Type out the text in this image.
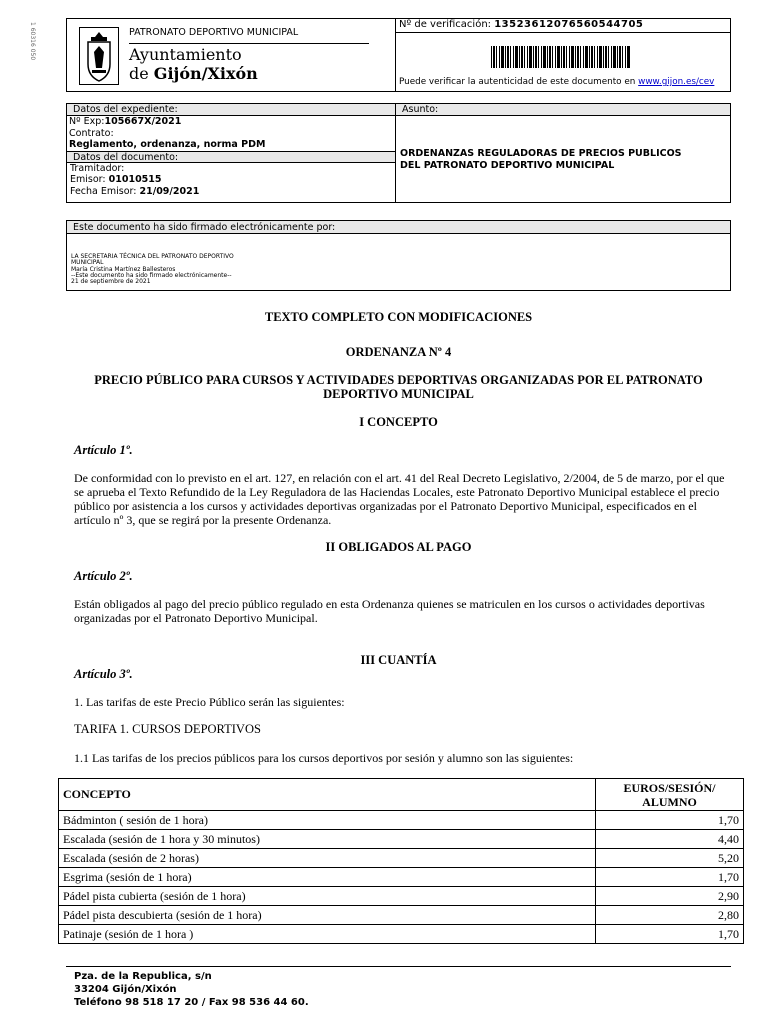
1 60316 050	PATRONATO DEPORTIVO MUNICIPAL
Ayuntamiento
de Gijón/Xixón
Nº de verificación: 13523612076560544705
Puede verificar la autenticidad de este documento en www.gijon.es/cev
Datos del expediente:
Nº Exp:105667X/2021
Contrato:
Reglamento, ordenanza, norma PDM
Datos del documento:
Tramitador:
Emisor: 01010515
Fecha Emisor: 21/09/2021
Asunto:
ORDENANZAS REGULADORAS DE PRECIOS PUBLICOS
DEL PATRONATO DEPORTIVO MUNICIPAL
Este documento ha sido firmado electrónicamente por:
LA SECRETARIA TÉCNICA DEL PATRONATO DEPORTIVO
MUNICIPAL
María Cristina Martínez Ballesteros
--Este documento ha sido firmado electrónicamente--
21 de septiembre de 2021
TEXTO COMPLETO CON MODIFICACIONES
ORDENANZA Nº 4
PRECIO PÚBLICO PARA CURSOS Y ACTIVIDADES DEPORTIVAS ORGANIZADAS POR EL PATRONATO
DEPORTIVO MUNICIPAL
I CONCEPTO
Artículo 1º.
De conformidad con lo previsto en el art. 127, en relación con el art. 41 del Real Decreto Legislativo, 2/2004, de 5 de marzo, por el que se aprueba el Texto Refundido de la Ley Reguladora de las Haciendas Locales, este Patronato Deportivo Municipal establece el precio público por asistencia a los cursos y actividades deportivas organizadas por el Patronato Deportivo Municipal, especificados en el artículo nº 3, que se regirá por la presente Ordenanza.
II OBLIGADOS AL PAGO
Artículo 2º.
Están obligados al pago del precio público regulado en esta Ordenanza quienes se matriculen en los cursos o actividades deportivas organizadas por el Patronato Deportivo Municipal.
III CUANTÍA
Artículo 3º.
1. Las tarifas de este Precio Público serán las siguientes:
TARIFA 1. CURSOS DEPORTIVOS
1.1 Las tarifas de los precios públicos para los cursos deportivos por sesión y alumno son las siguientes:
CONCEPTO	EUROS/SESIÓN/
ALUMNO

Bádminton ( sesión de 1 hora)	1,70
Escalada (sesión de 1 hora y 30 minutos)	4,40
Escalada (sesión de 2 horas)	5,20
Esgrima (sesión de 1 hora)	1,70
Pádel pista cubierta (sesión de 1 hora)	2,90
Pádel pista descubierta (sesión de 1 hora)	2,80
Patinaje (sesión de 1 hora )	1,70
Pza. de la Republica, s/n
33204 Gijón/Xixón
Teléfono 98 518 17 20 / Fax 98 536 44 60.
